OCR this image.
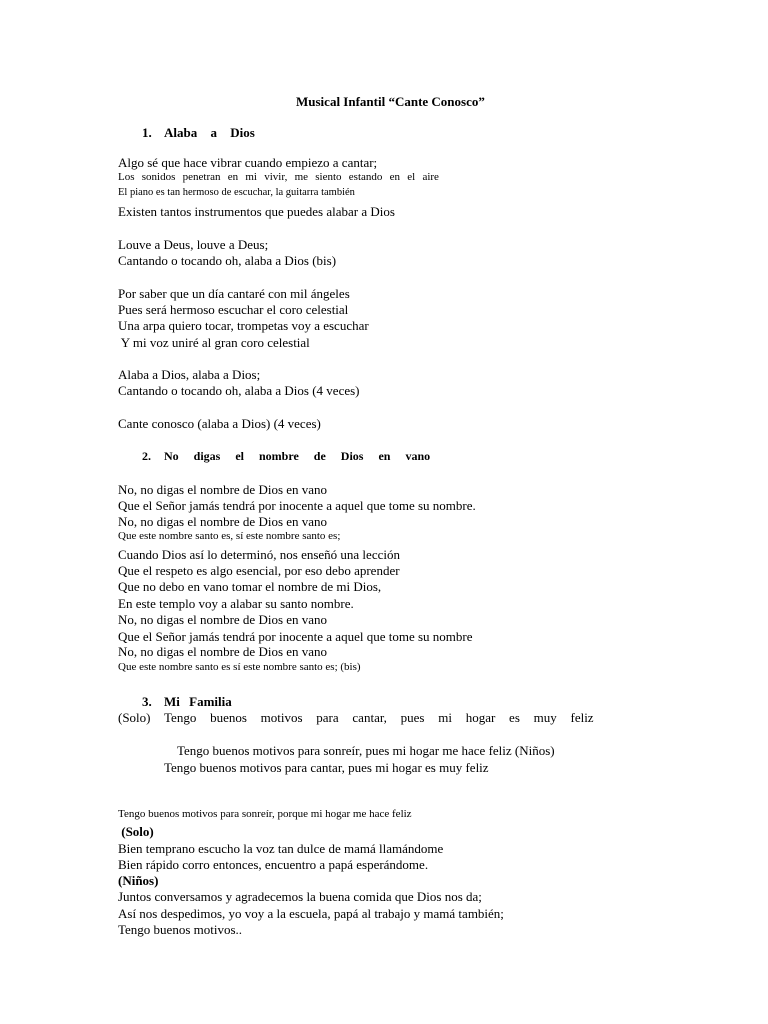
Musical Infantil “Cante Conosco”
1. Alaba a Dios
Algo sé que hace vibrar cuando empiezo a cantar;
Los sonidos penetran en mi vivir, me siento estando en el aire
El piano es tan hermoso de escuchar, la guitarra también
Existen tantos instrumentos que puedes alabar a Dios
Louve a Deus, louve a Deus;
Cantando o tocando oh, alaba a Dios (bis)
Por saber que un día cantaré con mil ángeles
Pues será hermoso escuchar el coro celestial
Una arpa quiero tocar, trompetas voy a escuchar
Y mi voz uniré al gran coro celestial
Alaba a Dios, alaba a Dios;
Cantando o tocando oh, alaba a Dios (4 veces)
Cante conosco (alaba a Dios) (4 veces)
2. No digas el nombre de Dios en vano
No, no digas el nombre de Dios en vano
Que el Señor jamás tendrá por inocente a aquel que tome su nombre.
No, no digas el nombre de Dios en vano
Que este nombre santo es, sí este nombre santo es;
Cuando Dios así lo determinó, nos enseñó una lección
Que el respeto es algo esencial, por eso debo aprender
Que no debo en vano tomar el nombre de mi Dios,
En este templo voy a alabar su santo nombre.
No, no digas el nombre de Dios en vano
Que el Señor jamás tendrá por inocente a aquel que tome su nombre
No, no digas el nombre de Dios en vano
Que este nombre santo es sí este nombre santo es; (bis)
3. Mi Familia
(Solo) Tengo buenos motivos para cantar, pues mi hogar es muy feliz
Tengo buenos motivos para sonreír, pues mi hogar me hace feliz (Niños)
Tengo buenos motivos para cantar, pues mi hogar es muy feliz
Tengo buenos motivos para sonreír, porque mi hogar me hace feliz
(Solo)
Bien temprano escucho la voz tan dulce de mamá llamándome
Bien rápido corro entonces, encuentro a papá esperándome.
(Niños)
Juntos conversamos y agradecemos la buena comida que Dios nos da;
Así nos despedimos, yo voy a la escuela, papá al trabajo y mamá también;
Tengo buenos motivos..
